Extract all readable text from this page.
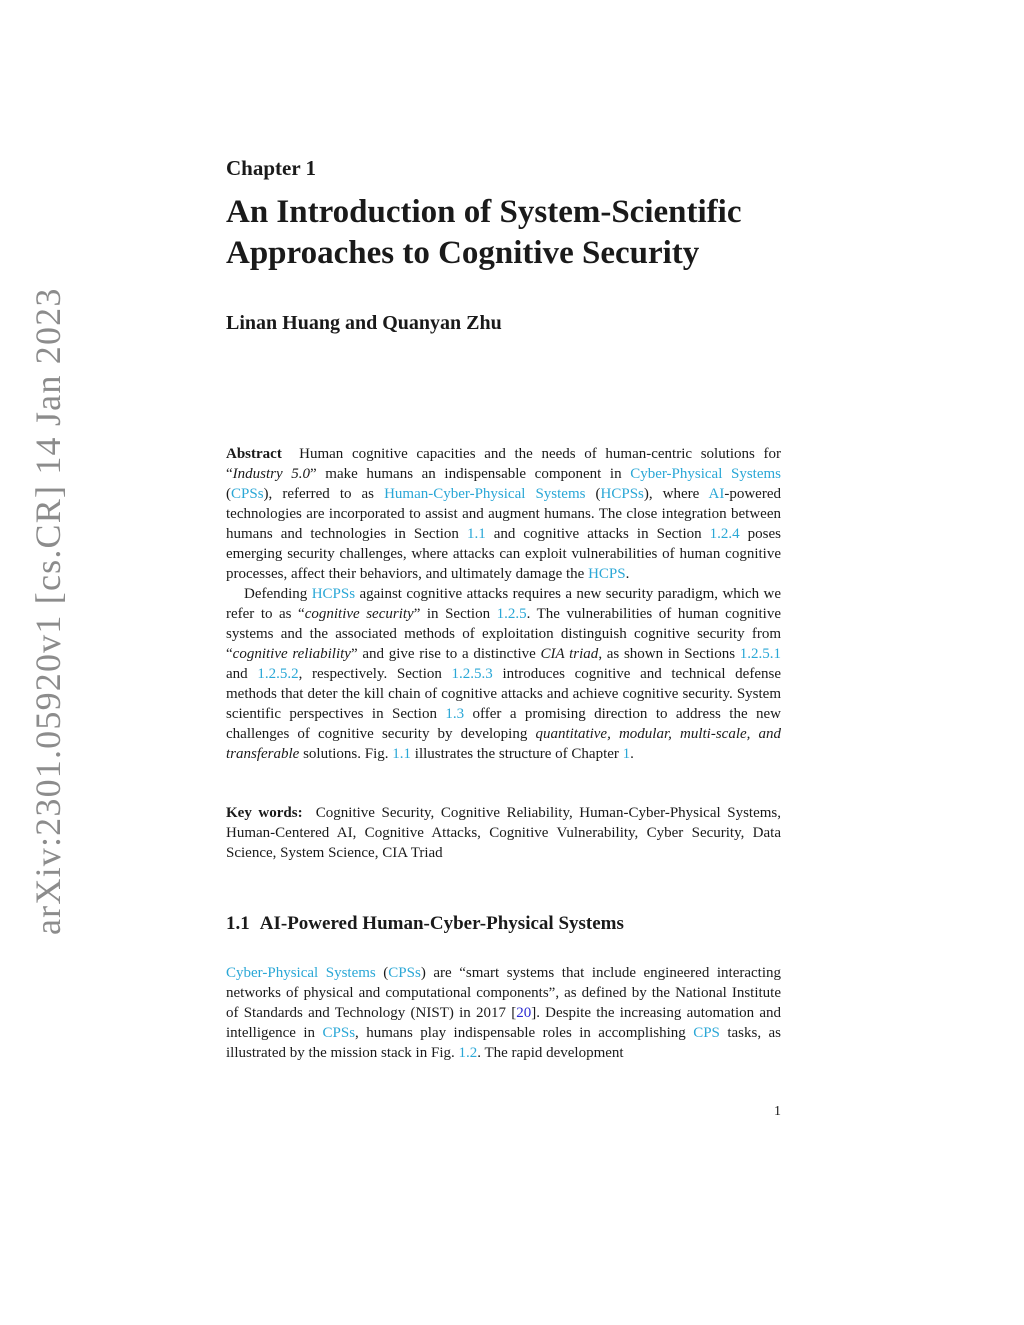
arXiv:2301.05920v1 [cs.CR] 14 Jan 2023
Chapter 1
An Introduction of System-Scientific Approaches to Cognitive Security
Linan Huang and Quanyan Zhu

Abstract Human cognitive capacities and the needs of human-centric solutions for “Industry 5.0” make humans an indispensable component in Cyber-Physical Systems (CPSs), referred to as Human-Cyber-Physical Systems (HCPSs), where AI-powered technologies are incorporated to assist and augment humans. The close integration between humans and technologies in Section 1.1 and cognitive attacks in Section 1.2.4 poses emerging security challenges, where attacks can exploit vulnerabilities of human cognitive processes, affect their behaviors, and ultimately damage the HCPS.

Defending HCPSs against cognitive attacks requires a new security paradigm, which we refer to as “cognitive security” in Section 1.2.5. The vulnerabilities of human cognitive systems and the associated methods of exploitation distinguish cognitive security from “cognitive reliability” and give rise to a distinctive CIA triad, as shown in Sections 1.2.5.1 and 1.2.5.2, respectively. Section 1.2.5.3 introduces cognitive and technical defense methods that deter the kill chain of cognitive attacks and achieve cognitive security. System scientific perspectives in Section 1.3 offer a promising direction to address the new challenges of cognitive security by developing quantitative, modular, multi-scale, and transferable solutions. Fig. 1.1 illustrates the structure of Chapter 1.

Key words: Cognitive Security, Cognitive Reliability, Human-Cyber-Physical Systems, Human-Centered AI, Cognitive Attacks, Cognitive Vulnerability, Cyber Security, Data Science, System Science, CIA Triad

1.1 AI-Powered Human-Cyber-Physical Systems

Cyber-Physical Systems (CPSs) are “smart systems that include engineered interacting networks of physical and computational components”, as defined by the National Institute of Standards and Technology (NIST) in 2017 [20]. Despite the increasing automation and intelligence in CPSs, humans play indispensable roles in accomplishing CPS tasks, as illustrated by the mission stack in Fig. 1.2. The rapid development

1
